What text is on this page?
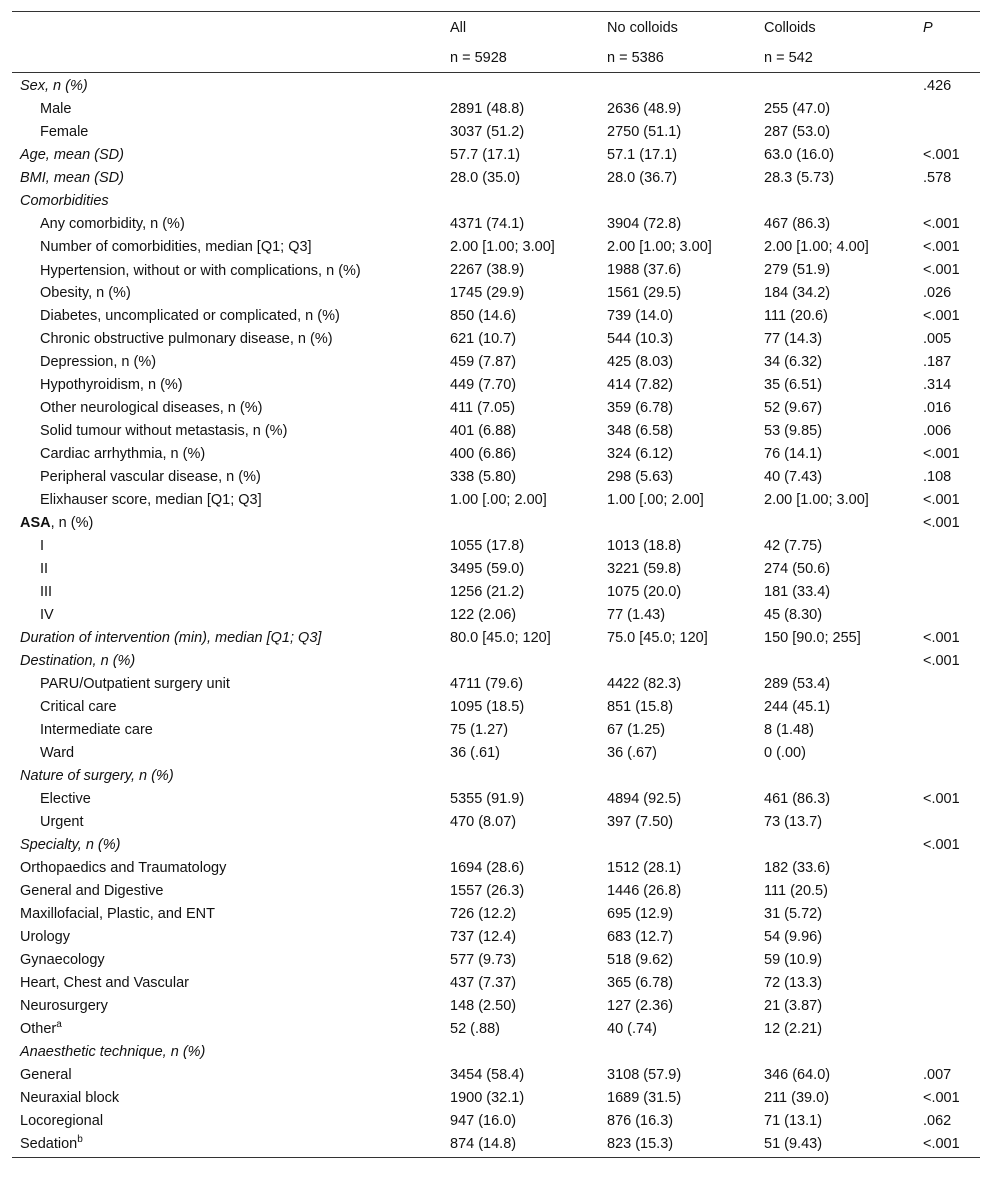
	All	No colloids	Colloids	P
	n = 5928	n = 5386	n = 542	
Sex, n (%)				.426
Male	2891 (48.8)	2636 (48.9)	255 (47.0)	
Female	3037 (51.2)	2750 (51.1)	287 (53.0)	
Age, mean (SD)	57.7 (17.1)	57.1 (17.1)	63.0 (16.0)	<.001
BMI, mean (SD)	28.0 (35.0)	28.0 (36.7)	28.3 (5.73)	.578
Comorbidities				
Any comorbidity, n (%)	4371 (74.1)	3904 (72.8)	467 (86.3)	<.001
Number of comorbidities, median [Q1; Q3]	2.00 [1.00; 3.00]	2.00 [1.00; 3.00]	2.00 [1.00; 4.00]	<.001
Hypertension, without or with complications, n (%)	2267 (38.9)	1988 (37.6)	279 (51.9)	<.001
Obesity, n (%)	1745 (29.9)	1561 (29.5)	184 (34.2)	.026
Diabetes, uncomplicated or complicated, n (%)	850 (14.6)	739 (14.0)	111 (20.6)	<.001
Chronic obstructive pulmonary disease, n (%)	621 (10.7)	544 (10.3)	77 (14.3)	.005
Depression, n (%)	459 (7.87)	425 (8.03)	34 (6.32)	.187
Hypothyroidism, n (%)	449 (7.70)	414 (7.82)	35 (6.51)	.314
Other neurological diseases, n (%)	411 (7.05)	359 (6.78)	52 (9.67)	.016
Solid tumour without metastasis, n (%)	401 (6.88)	348 (6.58)	53 (9.85)	.006
Cardiac arrhythmia, n (%)	400 (6.86)	324 (6.12)	76 (14.1)	<.001
Peripheral vascular disease, n (%)	338 (5.80)	298 (5.63)	40 (7.43)	.108
Elixhauser score, median [Q1; Q3]	1.00 [.00; 2.00]	1.00 [.00; 2.00]	2.00 [1.00; 3.00]	<.001
ASA, n (%)				<.001
I	1055 (17.8)	1013 (18.8)	42 (7.75)	
II	3495 (59.0)	3221 (59.8)	274 (50.6)	
III	1256 (21.2)	1075 (20.0)	181 (33.4)	
IV	122 (2.06)	77 (1.43)	45 (8.30)	
Duration of intervention (min), median [Q1; Q3]	80.0 [45.0; 120]	75.0 [45.0; 120]	150 [90.0; 255]	<.001
Destination, n (%)				<.001
PARU/Outpatient surgery unit	4711 (79.6)	4422 (82.3)	289 (53.4)	
Critical care	1095 (18.5)	851 (15.8)	244 (45.1)	
Intermediate care	75 (1.27)	67 (1.25)	8 (1.48)	
Ward	36 (.61)	36 (.67)	0 (.00)	
Nature of surgery, n (%)				
Elective	5355 (91.9)	4894 (92.5)	461 (86.3)	<.001
Urgent	470 (8.07)	397 (7.50)	73 (13.7)	
Specialty, n (%)				<.001
Orthopaedics and Traumatology	1694 (28.6)	1512 (28.1)	182 (33.6)	
General and Digestive	1557 (26.3)	1446 (26.8)	111 (20.5)	
Maxillofacial, Plastic, and ENT	726 (12.2)	695 (12.9)	31 (5.72)	
Urology	737 (12.4)	683 (12.7)	54 (9.96)	
Gynaecology	577 (9.73)	518 (9.62)	59 (10.9)	
Heart, Chest and Vascular	437 (7.37)	365 (6.78)	72 (13.3)	
Neurosurgery	148 (2.50)	127 (2.36)	21 (3.87)	
Other$^a$	52 (.88)	40 (.74)	12 (2.21)	
Anaesthetic technique, n (%)				
General	3454 (58.4)	3108 (57.9)	346 (64.0)	.007
Neuraxial block	1900 (32.1)	1689 (31.5)	211 (39.0)	<.001
Locoregional	947 (16.0)	876 (16.3)	71 (13.1)	.062
Sedation$^b$	874 (14.8)	823 (15.3)	51 (9.43)	<.001
